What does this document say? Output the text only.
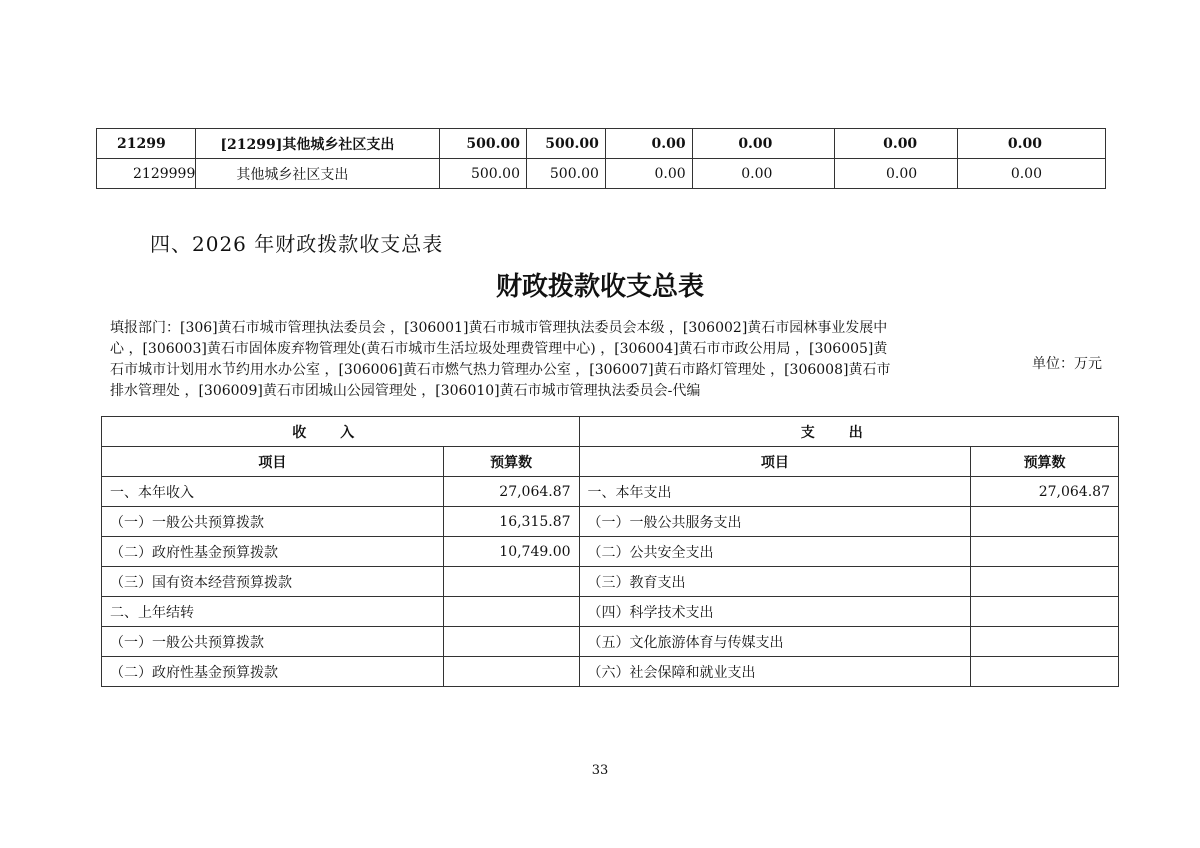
21299	[21299]其他城乡社区支出	500.00	500.00	0.00	0.00	0.00	0.00
2129999	其他城乡社区支出	500.00	500.00	0.00	0.00	0.00	0.00
四、2026 年财政拨款收支总表
财政拨款收支总表
填报部门：[306]黄石市城市管理执法委员会 ，[306001]黄石市城市管理执法委员会本级 ，[306002]黄石市园林事业发展中
心 ，[306003]黄石市固体废弃物管理处(黄石市城市生活垃圾处理费管理中心) ，[306004]黄石市市政公用局 ，[306005]黄
石市城市计划用水节约用水办公室 ，[306006]黄石市燃气热力管理办公室 ，[306007]黄石市路灯管理处 ，[306008]黄石市
排水管理处 ，[306009]黄石市团城山公园管理处 ，[306010]黄石市城市管理执法委员会-代编
单位：万元
收入		支出	
项目	预算数	项目	预算数
一、本年收入	27,064.87	一、本年支出	27,064.87
（一）一般公共预算拨款	16,315.87	（一）一般公共服务支出	
（二）政府性基金预算拨款	10,749.00	（二）公共安全支出	
（三）国有资本经营预算拨款		（三）教育支出	
二、上年结转		（四）科学技术支出	
（一）一般公共预算拨款		（五）文化旅游体育与传媒支出	
（二）政府性基金预算拨款		（六）社会保障和就业支出	
33
